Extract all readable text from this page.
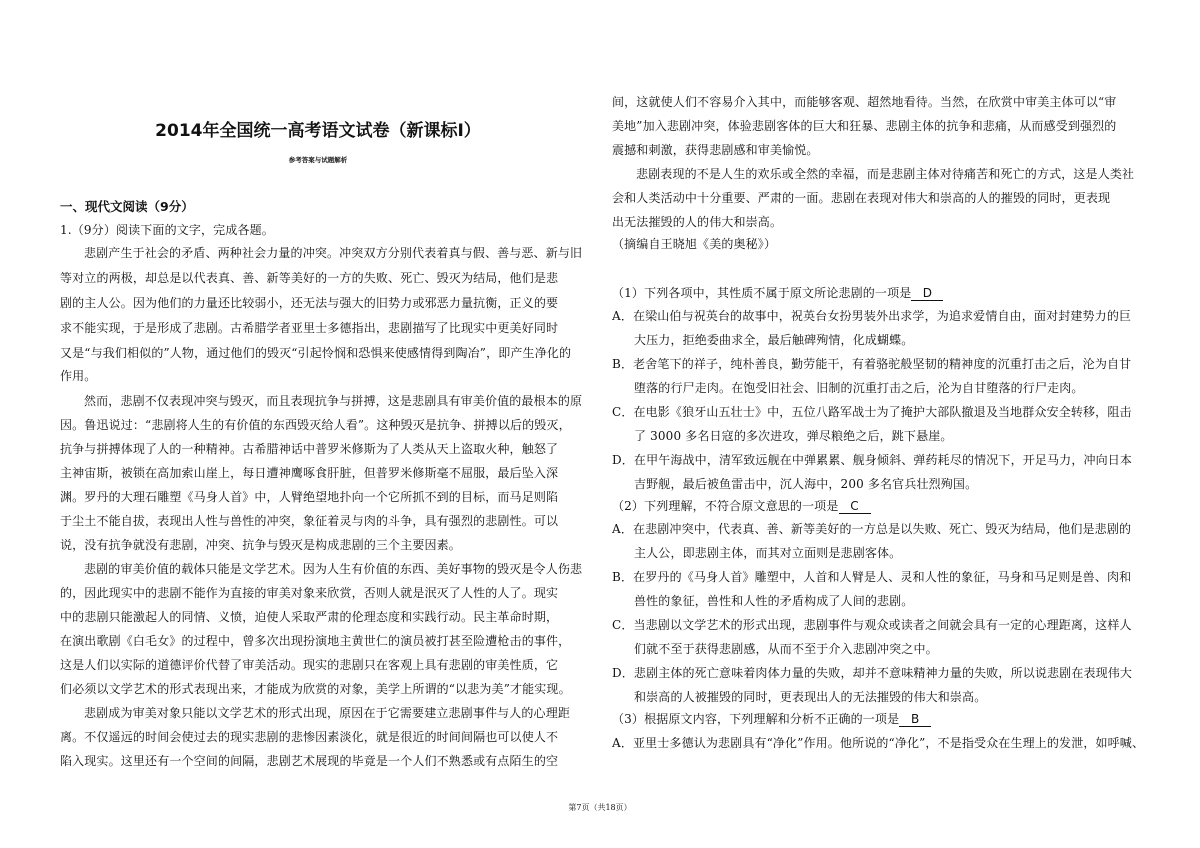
2014年全国统一高考语文试卷（新课标Ⅰ）
参考答案与试题解析
一、现代文阅读（9分）
1.（9分）阅读下面的文字，完成各题。
悲剧产生于社会的矛盾、两种社会力量的冲突。冲突双方分别代表着真与假、善与恶、新与旧
等对立的两极，却总是以代表真、善、新等美好的一方的失败、死亡、毁灭为结局，他们是悲
剧的主人公。因为他们的力量还比较弱小，还无法与强大的旧势力或邪恶力量抗衡，正义的要
求不能实现，于是形成了悲剧。古希腊学者亚里士多德指出，悲剧描写了比现实中更美好同时
又是“与我们相似的”人物，通过他们的毁灭“引起怜悯和恐惧来使感情得到陶冶”，即产生净化的
作用。
然而，悲剧不仅表现冲突与毁灭，而且表现抗争与拼搏，这是悲剧具有审美价值的最根本的原
因。鲁迅说过：“悲剧将人生的有价值的东西毁灭给人看”。这种毁灭是抗争、拼搏以后的毁灭，
抗争与拼搏体现了人的一种精神。古希腊神话中普罗米修斯为了人类从天上盗取火种，触怒了
主神宙斯，被锁在高加索山崖上，每日遭神鹰啄食肝脏，但普罗米修斯毫不屈服，最后坠入深
渊。罗丹的大理石雕塑《马身人首》中，人臂绝望地扑向一个它所抓不到的目标，而马足则陷
于尘土不能自拔，表现出人性与兽性的冲突，象征着灵与肉的斗争，具有强烈的悲剧性。可以
说，没有抗争就没有悲剧，冲突、抗争与毁灭是构成悲剧的三个主要因素。
悲剧的审美价值的载体只能是文学艺术。因为人生有价值的东西、美好事物的毁灭是令人伤悲
的，因此现实中的悲剧不能作为直接的审美对象来欣赏，否则人就是泯灭了人性的人了。现实
中的悲剧只能激起人的同情、义愤，迫使人采取严肃的伦理态度和实践行动。民主革命时期，
在演出歌剧《白毛女》的过程中，曾多次出现扮演地主黄世仁的演员被打甚至险遭枪击的事件，
这是人们以实际的道德评价代替了审美活动。现实的悲剧只在客观上具有悲剧的审美性质，它
们必须以文学艺术的形式表现出来，才能成为欣赏的对象，美学上所谓的“以悲为美”才能实现。
悲剧成为审美对象只能以文学艺术的形式出现，原因在于它需要建立悲剧事件与人的心理距
离。不仅遥远的时间会使过去的现实悲剧的悲惨因素淡化，就是很近的时间间隔也可以使人不
陷入现实。这里还有一个空间的间隔，悲剧艺术展现的毕竟是一个人们不熟悉或有点陌生的空
间，这就使人们不容易介入其中，而能够客观、超然地看待。当然，在欣赏中审美主体可以“审
美地”加入悲剧冲突，体验悲剧客体的巨大和狂暴、悲剧主体的抗争和悲痛，从而感受到强烈的
震撼和刺激，获得悲剧感和审美愉悦。
悲剧表现的不是人生的欢乐或全然的幸福，而是悲剧主体对待痛苦和死亡的方式，这是人类社
会和人类活动中十分重要、严肃的一面。悲剧在表现对伟大和崇高的人的摧毁的同时，更表现
出无法摧毁的人的伟大和崇高。
（摘编自王晓旭《美的奥秘》）
（1）下列各项中，其性质不属于原文所论悲剧的一项是 D
A．在梁山伯与祝英台的故事中，祝英台女扮男装外出求学，为追求爱情自由，面对封建势力的巨
大压力，拒绝委曲求全，最后触碑殉情，化成蝴蝶。
B．老舍笔下的祥子，纯朴善良，勤劳能干，有着骆驼般坚韧的精神度的沉重打击之后，沦为自甘
堕落的行尸走肉。在饱受旧社会、旧制的沉重打击之后，沦为自甘堕落的行尸走肉。
C．在电影《狼牙山五壮士》中，五位八路军战士为了掩护大部队撤退及当地群众安全转移，阻击
了 3000 多名日寇的多次进攻，弹尽粮绝之后，跳下悬崖。
D．在甲午海战中，清军致远舰在中弹累累、舰身倾斜、弹药耗尽的情况下，开足马力，冲向日本
吉野舰，最后被鱼雷击中，沉人海中，200 多名官兵壮烈殉国。
（2）下列理解，不符合原文意思的一项是 C
A．在悲剧冲突中，代表真、善、新等美好的一方总是以失败、死亡、毁灭为结局，他们是悲剧的
主人公，即悲剧主体，而其对立面则是悲剧客体。
B．在罗丹的《马身人首》雕塑中，人首和人臂是人、灵和人性的象征，马身和马足则是兽、肉和
兽性的象征，兽性和人性的矛盾构成了人间的悲剧。
C．当悲剧以文学艺术的形式出现，悲剧事件与观众或读者之间就会具有一定的心理距离，这样人
们就不至于获得悲剧感，从而不至于介入悲剧冲突之中。
D．悲剧主体的死亡意味着肉体力量的失败，却并不意味精神力量的失败，所以说悲剧在表现伟大
和崇高的人被摧毁的同时，更表现出人的无法摧毁的伟大和崇高。
（3）根据原文内容，下列理解和分析不正确的一项是 B
A．亚里士多德认为悲剧具有“净化”作用。他所说的“净化”，不是指受众在生理上的发泄，如呼喊、
第7页（共18页）
